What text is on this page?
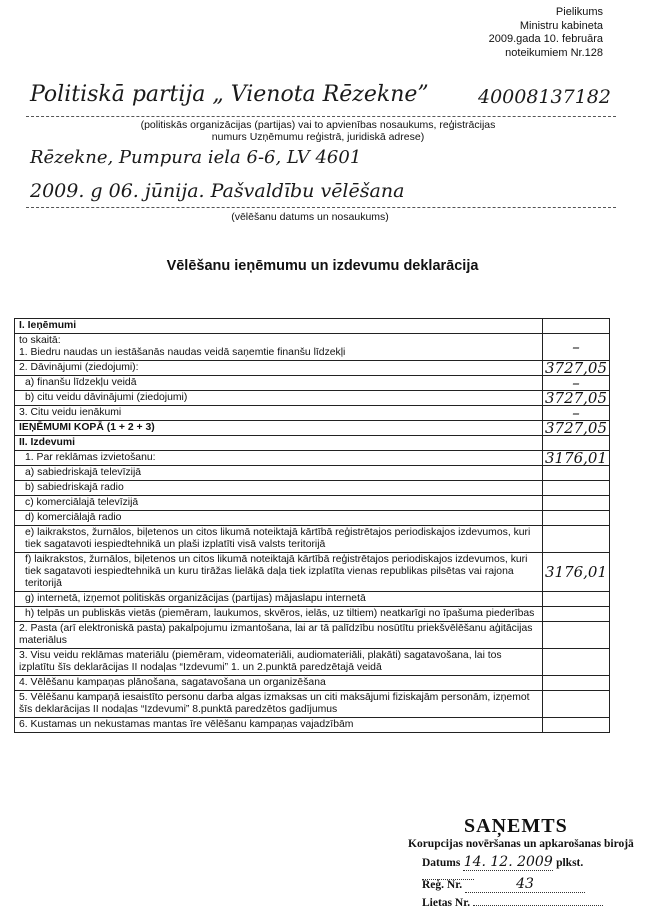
Pielikums
Ministru kabineta
2009.gada 10. februāra
noteikumiem Nr.128
Politiskā partija „ Vienota Rēzekne”	40008137182
(politiskās organizācijas (partijas) vai to apvienības nosaukums, reģistrācijas numurs Uzņēmumu reģistrā, juridiskā adrese)
Rēzekne, Pumpura iela 6-6, LV 4601
2009. g 06. jūnija. Pašvaldību vēlēšana
(vēlēšanu datums un nosaukums)
Vēlēšanu ieņēmumu un izdevumu deklarācija
I. Ieņēmumi	
to skaitā:
1. Biedru naudas un iestāšanās naudas veidā saņemtie finanšu līdzekļi	–
2. Dāvinājumi (ziedojumi):	3727,05
a) finanšu līdzekļu veidā	–
b) citu veidu dāvinājumi (ziedojumi)	3727,05
3. Citu veidu ienākumi	–
IEŅĒMUMI KOPĀ (1 + 2 + 3)	3727,05
II. Izdevumi	
1. Par reklāmas izvietošanu:	3176,01
a) sabiedriskajā televīzijā	
b) sabiedriskajā radio	
c) komerciālajā televīzijā	
d) komerciālajā radio	
e) laikrakstos, žurnālos, biļetenos un citos likumā noteiktajā kārtībā reģistrētajos periodiskajos izdevumos, kuri tiek sagatavoti iespiedtehnikā un plaši izplatīti visā valsts teritorijā	
f) laikrakstos, žurnālos, biļetenos un citos likumā noteiktajā kārtībā reģistrētajos periodiskajos izdevumos, kuri tiek sagatavoti iespiedtehnikā un kuru tirāžas lielākā daļa tiek izplatīta vienas republikas pilsētas vai rajona teritorijā	3176,01
g) internetā, izņemot politiskās organizācijas (partijas) mājaslapu internetā	
h) telpās un publiskās vietās (piemēram, laukumos, skvēros, ielās, uz tiltiem) neatkarīgi no īpašuma piederības	
2. Pasta (arī elektroniskā pasta) pakalpojumu izmantošana, lai ar tā palīdzību nosūtītu priekšvēlēšanu aģitācijas materiālus	
3. Visu veidu reklāmas materiālu (piemēram, videomateriāli, audiomateriāli, plakāti) sagatavošana, lai tos izplatītu šīs deklarācijas II nodaļas “Izdevumi” 1. un 2.punktā paredzētajā veidā	
4. Vēlēšanu kampaņas plānošana, sagatavošana un organizēšana	
5. Vēlēšanu kampaņā iesaistīto personu darba algas izmaksas un citi maksājumi fiziskajām personām, izņemot šīs deklarācijas II nodaļas “Izdevumi” 8.punktā paredzētos gadījumus	
6. Kustamas un nekustamas mantas īre vēlēšanu kampaņas vajadzībām	
SAŅEMTS
Korupcijas novēršanas un apkarošanas birojā
Datums 14. 12. 2009 plkst.
Reģ. Nr.	43
Lietas Nr.
